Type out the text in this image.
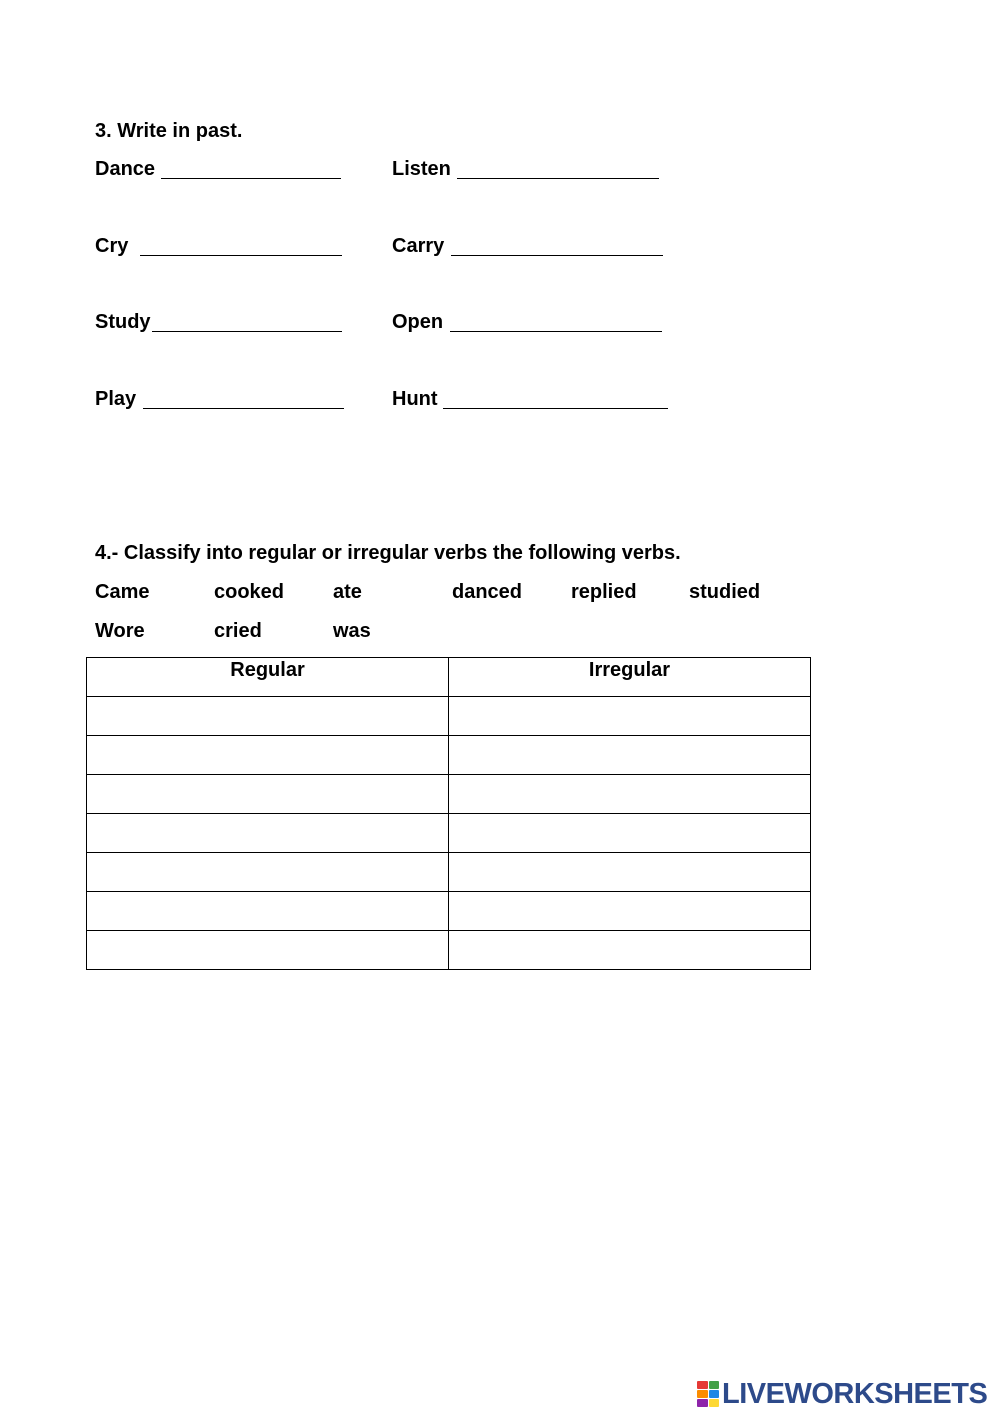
3. Write in past.
Dance
Cry
Study
Play
Listen
Carry
Open
Hunt
4.- Classify into regular or irregular verbs the following verbs.
Came	cooked ate	danced replied	studied
Wore	cried	was
Regular	Irregular

LIVEWORKSHEETS
